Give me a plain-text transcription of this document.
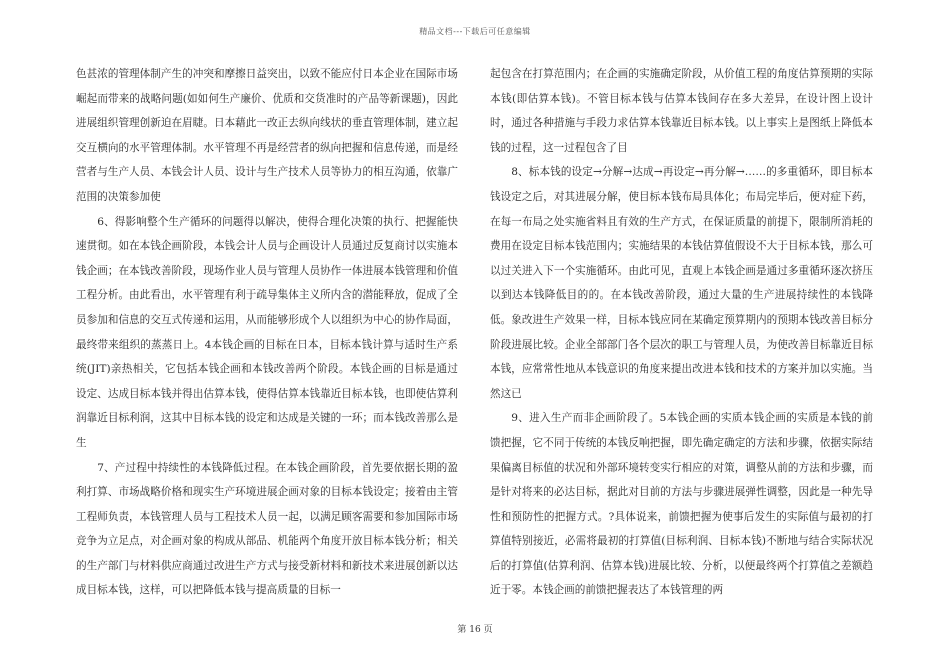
精品文档---下载后可任意编辑

色甚浓的管理体制产生的冲突和摩擦日益突出，以致不能应付日本企业在国际市场崛起而带来的战略问题(如如何生产廉价、优质和交货准时的产品等新课题)，因此进展组织管理创新迫在眉睫。日本藉此一改正去纵向线状的垂直管理体制，建立起交互横向的水平管理体制。水平管理不再是经营者的纵向把握和信息传递，而是经营者与生产人员、本钱会计人员、设计与生产技术人员等协力的相互沟通，依靠广范围的决策参加使

6、得影响整个生产循环的问题得以解决，使得合理化决策的执行、把握能快速贯彻。如在本钱企画阶段，本钱会计人员与企画设计人员通过反复商讨以实施本钱企画；在本钱改善阶段，现场作业人员与管理人员协作一体进展本钱管理和价值工程分析。由此看出，水平管理有利于疏导集体主义所内含的潜能释放，促成了全员参加和信息的交互式传递和运用，从而能够形成个人以组织为中心的协作局面，最终带来组织的蒸蒸日上。4本钱企画的目标在日本，目标本钱计算与适时生产系统(JIT)亲热相关，它包括本钱企画和本钱改善两个阶段。本钱企画的目标是通过设定、达成目标本钱并得出估算本钱，使得估算本钱靠近目标本钱，也即使估算利润靠近目标利润，这其中目标本钱的设定和达成是关键的一环；而本钱改善那么是生

7、产过程中持续性的本钱降低过程。在本钱企画阶段，首先要依据长期的盈利打算、市场战略价格和现实生产环境进展企画对象的目标本钱设定；接着由主管工程师负责，本钱管理人员与工程技术人员一起，以满足顾客需要和参加国际市场竞争为立足点，对企画对象的构成从部品、机能两个角度开放目标本钱分析；相关的生产部门与材料供应商通过改进生产方式与接受新材料和新技术来进展创新以达成目标本钱，这样，可以把降低本钱与提高质量的目标一

起包含在打算范围内；在企画的实施确定阶段，从价值工程的角度估算预期的实际本钱(即估算本钱)。不管目标本钱与估算本钱间存在多大差异，在设计图上设计时，通过各种措施与手段力求估算本钱靠近目标本钱。以上事实上是图纸上降低本钱的过程，这一过程包含了目

8、标本钱的设定→分解→达成→再设定→再分解→……的多重循环，即目标本钱设定之后，对其进展分解，使目标本钱布局具体化；布局完毕后，便对症下药，在每一布局之处实施省料且有效的生产方式，在保证质量的前提下，限制所消耗的费用在设定目标本钱范围内；实施结果的本钱估算值假设不大于目标本钱，那么可以过关进入下一个实施循环。由此可见，直观上本钱企画是通过多重循环逐次挤压以到达本钱降低目的的。在本钱改善阶段，通过大量的生产进展持续性的本钱降低。象改进生产效果一样，目标本钱应同在某确定预算期内的预期本钱改善目标分阶段进展比较。企业全部部门各个层次的职工与管理人员，为使改善目标靠近目标本钱，应常常性地从本钱意识的角度来提出改进本钱和技术的方案并加以实施。当然这已

9、进入生产而非企画阶段了。5本钱企画的实质本钱企画的实质是本钱的前馈把握，它不同于传统的本钱反响把握，即先确定确定的方法和步骤，依据实际结果偏离目标值的状况和外部环境转变实行相应的对策，调整从前的方法和步骤，而是针对将来的必达目标，据此对目前的方法与步骤进展弹性调整，因此是一种先导性和预防性的把握方式。?具体说来，前馈把握为使事后发生的实际值与最初的打算值特别接近，必需将最初的打算值(目标利润、目标本钱)不断地与结合实际状况后的打算值(估算利润、估算本钱)进展比较、分析，以便最终两个打算值之差额趋近于零。本钱企画的前馈把握表达了本钱管理的两

第 16 页
